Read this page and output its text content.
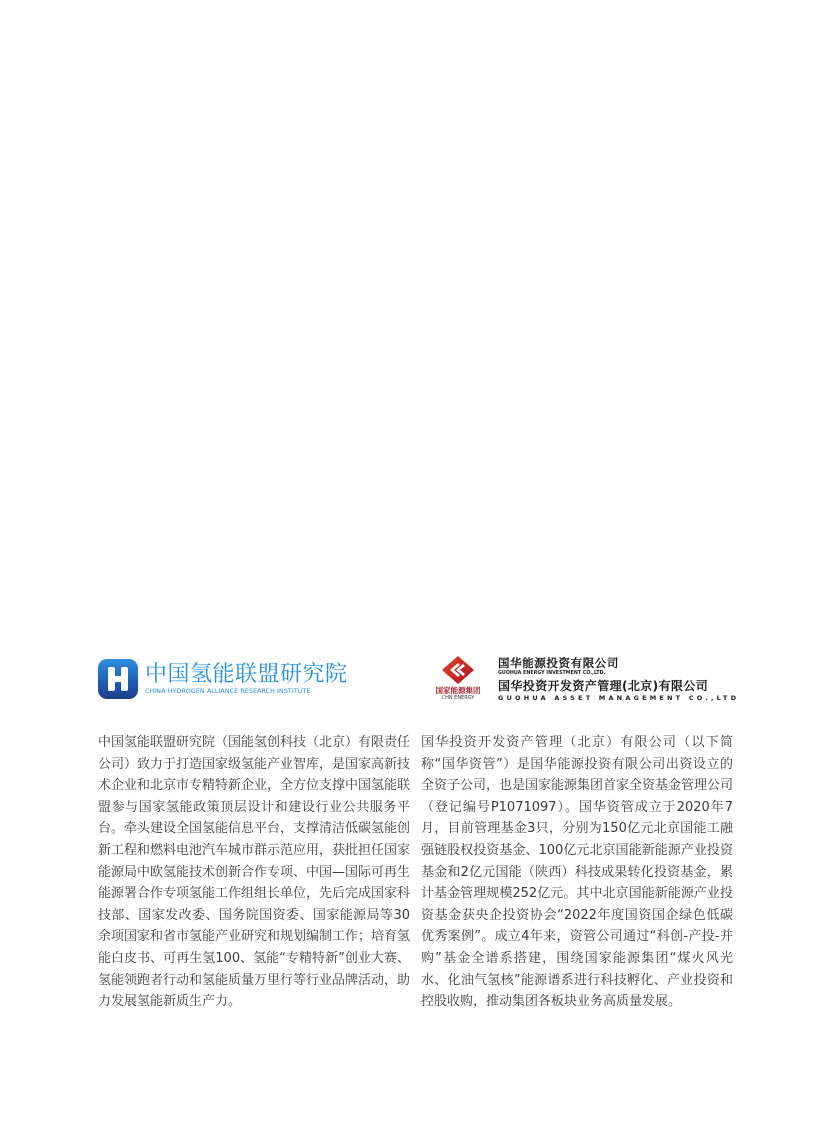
中国氢能联盟研究院
CHINA HYDROGEN ALLIANCE RESEARCH INSTITUTE
中国氢能联盟研究院（国能氢创科技（北京）有限责任公司）致力于打造国家级氢能产业智库，是国家高新技术企业和北京市专精特新企业，全方位支撑中国氢能联盟参与国家氢能政策顶层设计和建设行业公共服务平台。牵头建设全国氢能信息平台，支撑清洁低碳氢能创新工程和燃料电池汽车城市群示范应用，获批担任国家能源局中欧氢能技术创新合作专项、中国—国际可再生能源署合作专项氢能工作组组长单位，先后完成国家科技部、国家发改委、国务院国资委、国家能源局等30余项国家和省市氢能产业研究和规划编制工作；培育氢能白皮书、可再生氢100、氢能“专精特新”创业大赛、氢能领跑者行动和氢能质量万里行等行业品牌活动，助力发展氢能新质生产力。
国家能源集团
CHN ENERGY
国华能源投资有限公司
GUOHUA ENERGY INVESTMENT CO.,LTD.
国华投资开发资产管理(北京)有限公司
GUOHUA ASSET MANAGEMENT CO.,LTD
国华投资开发资产管理（北京）有限公司（以下简称“国华资管”）是国华能源投资有限公司出资设立的全资子公司，也是国家能源集团首家全资基金管理公司（登记编号P1071097）。国华资管成立于2020年7月，目前管理基金3只，分别为150亿元北京国能工融强链股权投资基金、100亿元北京国能新能源产业投资基金和2亿元国能（陕西）科技成果转化投资基金，累计基金管理规模252亿元。其中北京国能新能源产业投资基金获央企投资协会“2022年度国资国企绿色低碳优秀案例”。成立4年来，资管公司通过“科创-产投-并购”基金全谱系搭建，围绕国家能源集团“煤火风光水、化油气氢核”能源谱系进行科技孵化、产业投资和控股收购，推动集团各板块业务高质量发展。
